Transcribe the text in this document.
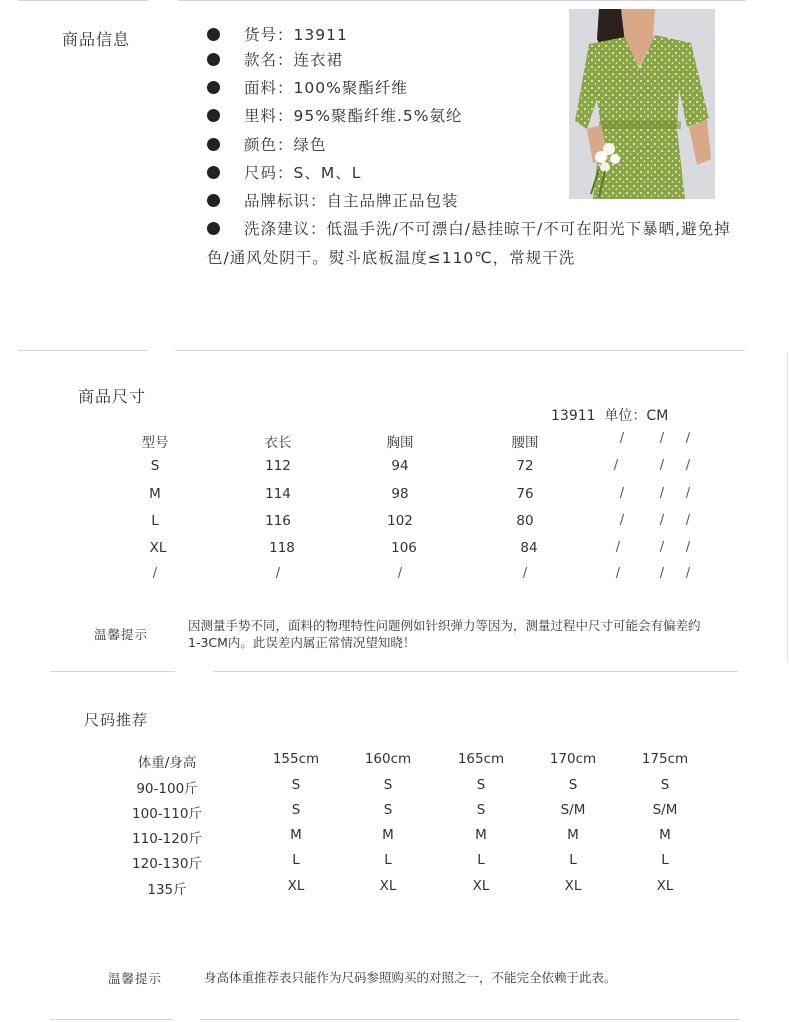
商品信息	货号：13911
款名：连衣裙
面料：100%聚酯纤维
里料：95%聚酯纤维.5%氨纶
颜色：绿色
尺码：S、M、L
品牌标识：自主品牌正品包装
洗涤建议：低温手洗/不可漂白/悬挂晾干/不可在阳光下暴晒,避免掉色/通风处阴干。熨斗底板温度≤110℃，常规干洗
商品尺寸
13911  单位：CM
型号	衣长	胸围	腰围	/	/ /
S	112	94	72	/	/ /
M	114	98	76	/	/ /
L	116	102	80	/	/ /
XL	118	106	84	/	/ /
/	/	/	/	/	/ /
温馨提示
因测量手势不同，面料的物理特性问题例如针织弹力等因为，测量过程中尺寸可能会有偏差约1-3CM内。此误差内属正常情况望知晓！
尺码推荐
体重/身高	155cm	160cm	165cm	170cm	175cm
90-100斤	S	S	S	S	S
100-110斤	S	S	S	S/M	S/M
110-120斤	M	M	M	M	M
120-130斤	L	L	L	L	L
135斤	XL	XL	XL	XL	XL
温馨提示	身高体重推荐表只能作为尺码参照购买的对照之一，不能完全依赖于此表。
